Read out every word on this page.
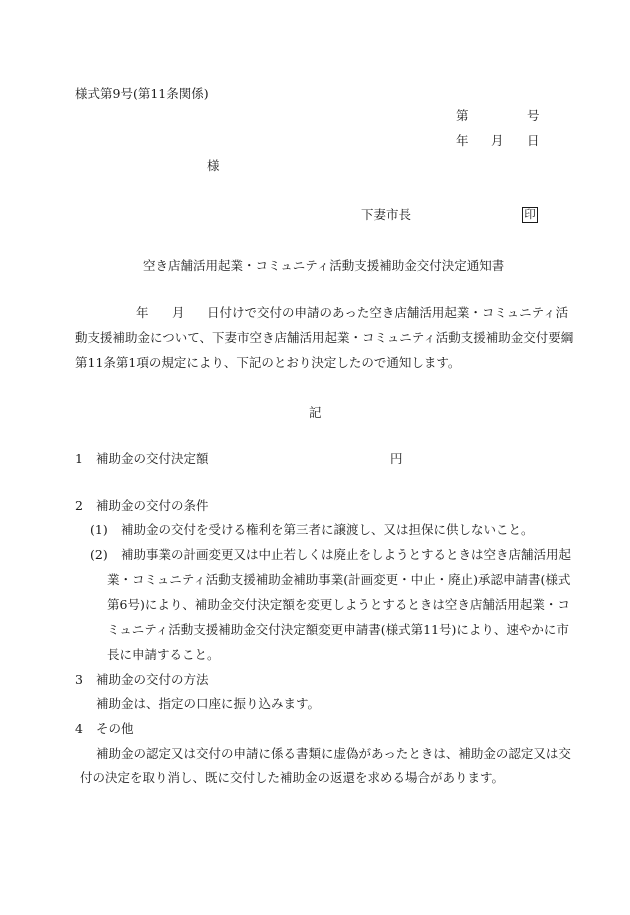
様式第9号(第11条関係)
第	号
年 月 日
様
下妻市長	印
空き店舗活用起業・コミュニティ活動支援補助金交付決定通知書
年 月 日付けで交付の申請のあった空き店舗活用起業・コミュニティ活
動支援補助金について、下妻市空き店舗活用起業・コミュニティ活動支援補助金交付要綱
第11条第1項の規定により、下記のとおり決定したので通知します。
記
1 補助金の交付決定額	円
2 補助金の交付の条件
(1) 補助金の交付を受ける権利を第三者に譲渡し、又は担保に供しないこと。
(2) 補助事業の計画変更又は中止若しくは廃止をしようとするときは空き店舗活用起
業・コミュニティ活動支援補助金補助事業(計画変更・中止・廃止)承認申請書(様式
第6号)により、補助金交付決定額を変更しようとするときは空き店舗活用起業・コ
ミュニティ活動支援補助金交付決定額変更申請書(様式第11号)により、速やかに市
長に申請すること。
3 補助金の交付の方法
補助金は、指定の口座に振り込みます。
4 その他
補助金の認定又は交付の申請に係る書類に虚偽があったときは、補助金の認定又は交
付の決定を取り消し、既に交付した補助金の返還を求める場合があります。
